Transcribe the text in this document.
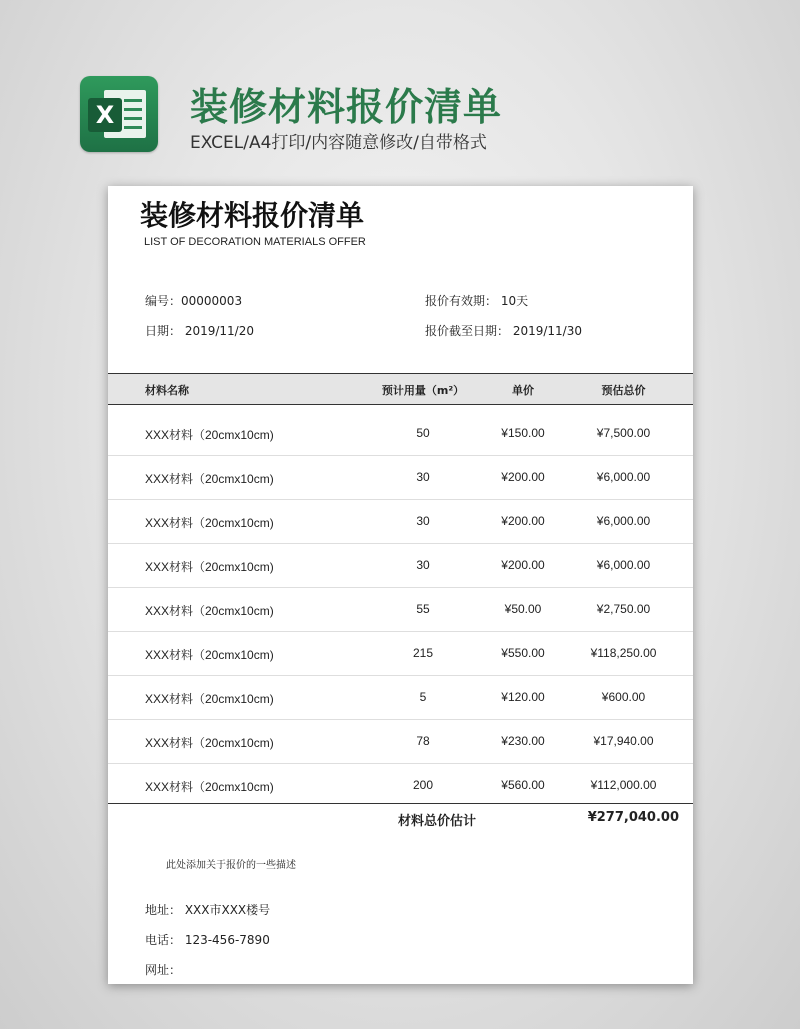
X 装修材料报价清单
EXCEL/A4打印/内容随意修改/自带格式
装修材料报价清单
LIST OF DECORATION MATERIALS OFFER
编号：00000003	报价有效期： 10天
日期： 2019/11/20	报价截至日期： 2019/11/30
材料名称	预计用量（m²）	单价	预估总价
XXX材料（20cmx10cm)	50	¥150.00	¥7,500.00
XXX材料（20cmx10cm)	30	¥200.00	¥6,000.00
XXX材料（20cmx10cm)	30	¥200.00	¥6,000.00
XXX材料（20cmx10cm)	30	¥200.00	¥6,000.00
XXX材料（20cmx10cm)	55	¥50.00	¥2,750.00
XXX材料（20cmx10cm)	215	¥550.00	¥118,250.00
XXX材料（20cmx10cm)	5	¥120.00	¥600.00
XXX材料（20cmx10cm)	78	¥230.00	¥17,940.00
XXX材料（20cmx10cm)	200	¥560.00	¥112,000.00
材料总价估计	¥277,040.00
此处添加关于报价的一些描述
地址： XXX市XXX楼号
电话： 123-456-7890
网址：
